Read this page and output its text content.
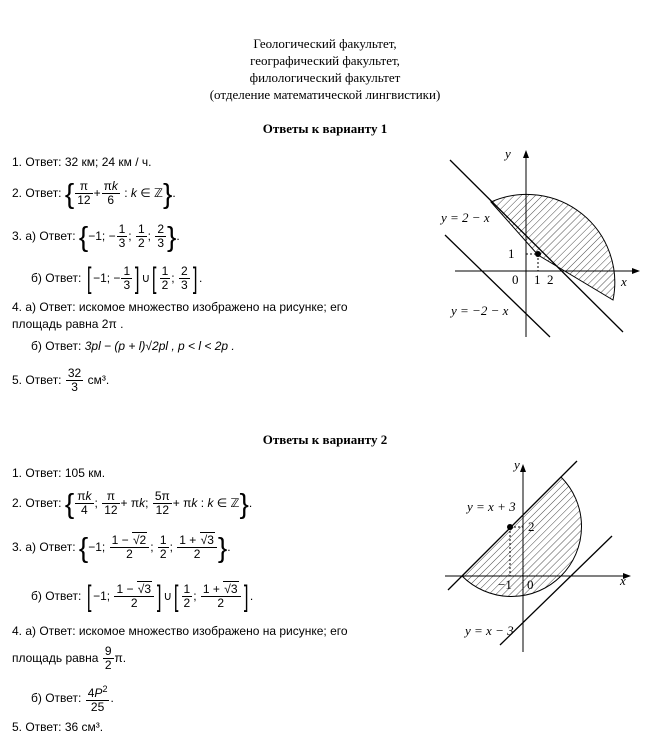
Геологический факультет,
географический факультет,
филологический факультет
(отделение математической лингвистики)
Ответы к варианту 1
1. Ответ: 32 км; 24 км / ч.
2. Ответ: { $\frac{\pi}{12} + \frac{\pi k}{6}$ : k ∈ ℤ}.
3. а) Ответ: {−1; − $\frac{1}{3}$ ; $\frac{1}{2}$ ; $\frac{2}{3}$ }.
б) Ответ: [ −1; − $\frac{1}{3}$ ] ∪[ $\frac{1}{2}$ ; $\frac{2}{3}$ ] .
4. а) Ответ: искомое множество изображено на рисунке; его
площадь равна 2π .
б) Ответ: 3pl − (p + l)√2pl , p < l < 2p .
5. Ответ: $\frac{32}{3} см^3$.
y
x
y = 2 − x
y = −2 − x
1
0 1 2
Ответы к варианту 2
1. Ответ: 105 км.
2. Ответ: { $\frac{\pi k}{4}$ ; $\frac{\pi}{12} + \pi k$; $\frac{5\pi}{12} + \pi k$ : k ∈ ℤ}.
3. а) Ответ: {−1; $\frac{1 - √2}{2}$ ; $\frac{1}{2}$ ; $\frac{1 + √3}{2}$ }.
б) Ответ: [ −1; $\frac{1 - √3}{2}$ ] ∪[ $\frac{1}{2}$ ; $\frac{1 + √3}{2}$ ] .
4. а) Ответ: искомое множество изображено на рисунке; его
площадь равна $\frac{9}{2} \pi$.
б) Ответ: $\frac{4P^2}{25}$ .
5. Ответ: 36 см³.
y
x
y = x + 3
y = x − 3
2
−1 0
